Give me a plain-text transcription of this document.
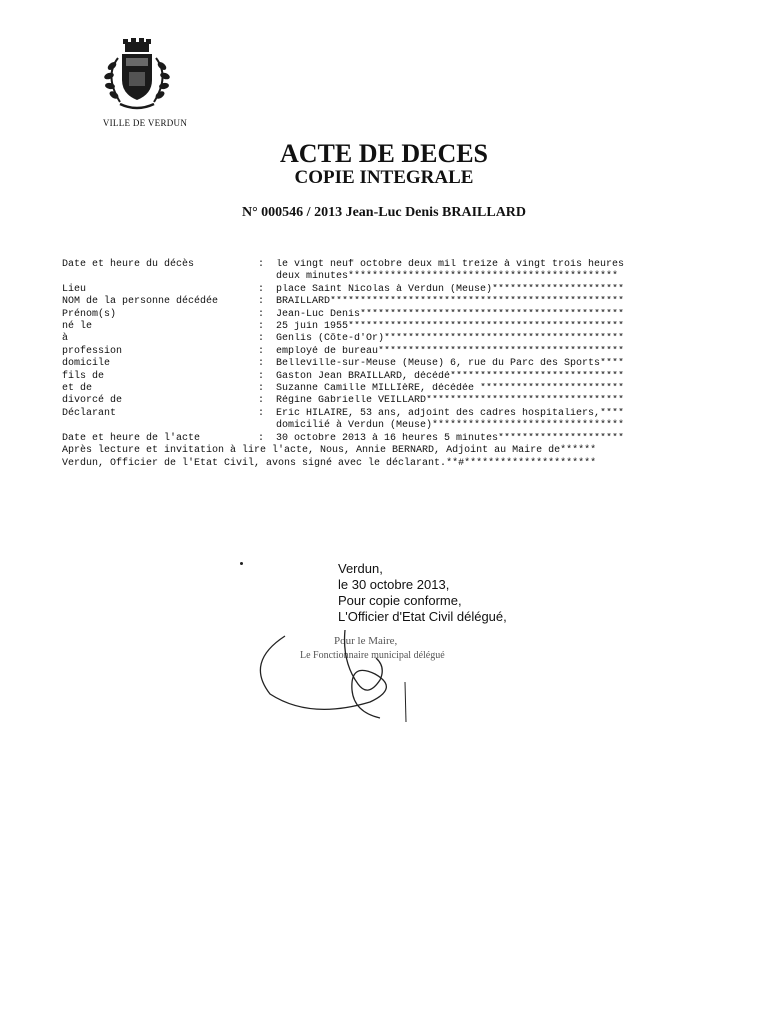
VILLE DE VERDUN
ACTE DE DECES
COPIE INTEGRALE
N° 000546 / 2013 Jean-Luc Denis BRAILLARD
Date et heure du décès	:	le vingt neuf octobre deux mil treize à vingt trois heures
deux minutes*********************************************
Lieu	:	place Saint Nicolas à Verdun (Meuse)**********************
NOM de la personne décédée	:	BRAILLARD*************************************************
Prénom(s)	:	Jean-Luc Denis********************************************
né le	:	25 juin 1955**********************************************
à	:	Genlis (Côte-d'Or)****************************************
profession	:	employé de bureau*****************************************
domicile	:	Belleville-sur-Meuse (Meuse) 6, rue du Parc des Sports****
fils de	:	Gaston Jean BRAILLARD, décédé*****************************
et de	:	Suzanne Camille MILLIèRE, décédée ************************
divorcé de	:	Régine Gabrielle VEILLARD*********************************
Déclarant	:	Eric HILAIRE, 53 ans, adjoint des cadres hospitaliers,****
domicilié à Verdun (Meuse)********************************
Date et heure de l'acte	:	30 octobre 2013 à 16 heures 5 minutes*********************
Après lecture et invitation à lire l'acte, Nous, Annie BERNARD, Adjoint au Maire de******
Verdun, Officier de l'Etat Civil, avons signé avec le déclarant.**#**********************
Verdun,
le 30 octobre 2013,
Pour copie conforme,
L'Officier d'Etat Civil délégué,
Pour le Maire,
Le Fonctionnaire municipal délégué
